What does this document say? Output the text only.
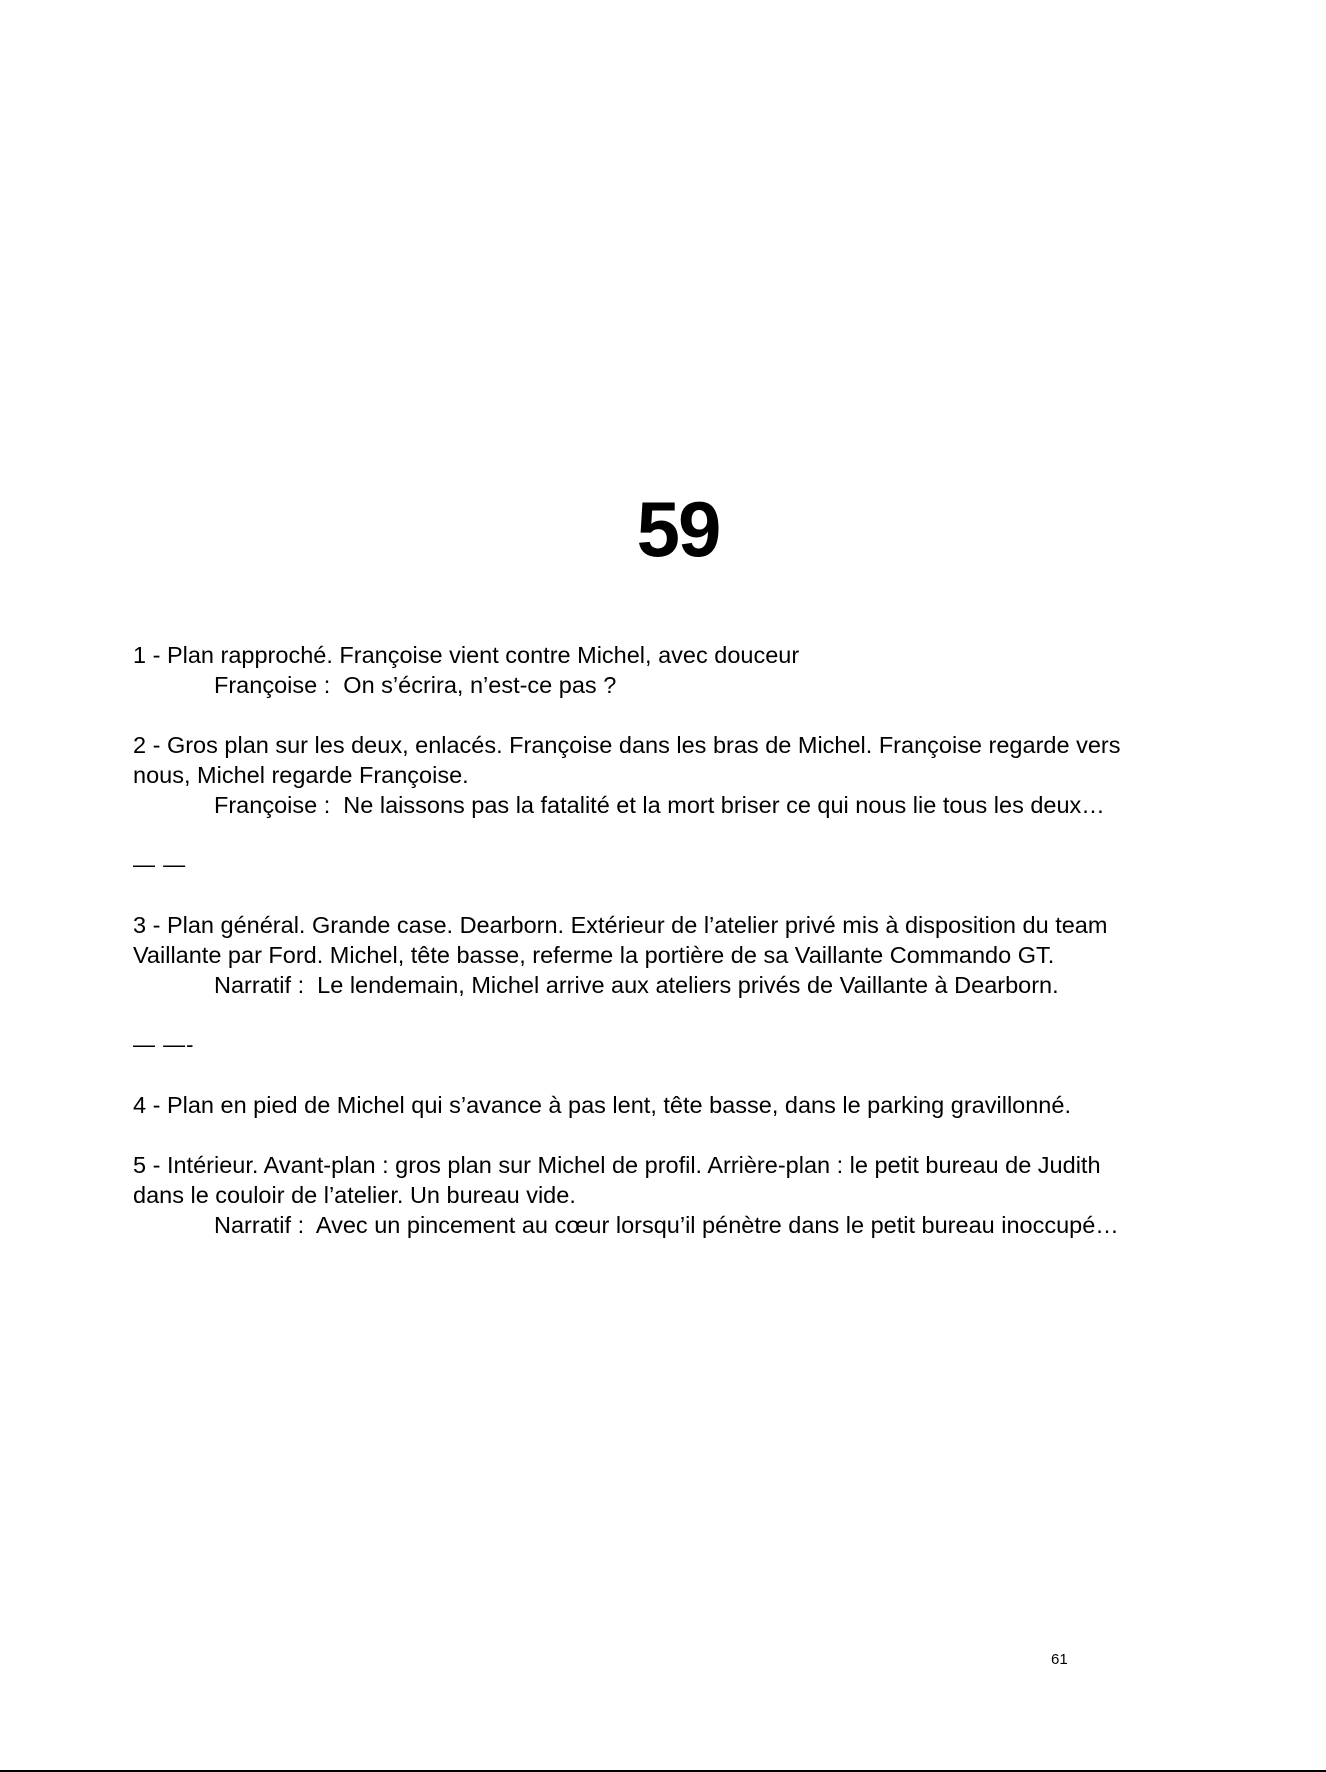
59

1 - Plan rapproché. Françoise vient contre Michel, avec douceur

Françoise :  On s’écrira, n’est-ce pas ?

2 - Gros plan sur les deux, enlacés. Françoise dans les bras de Michel. Françoise regarde vers

nous, Michel regarde Françoise.

Françoise :  Ne laissons pas la fatalité et la mort briser ce qui nous lie tous les deux…

— —

3 - Plan général. Grande case. Dearborn. Extérieur de l’atelier privé mis à disposition du team

Vaillante par Ford. Michel, tête basse, referme la portière de sa Vaillante Commando GT.

Narratif :  Le lendemain, Michel arrive aux ateliers privés de Vaillante à Dearborn.

— —-

4 - Plan en pied de Michel qui s’avance à pas lent, tête basse, dans le parking gravillonné.

5 - Intérieur. Avant-plan : gros plan sur Michel de profil. Arrière-plan : le petit bureau de Judith

dans le couloir de l’atelier. Un bureau vide.

Narratif :  Avec un pincement au cœur lorsqu’il pénètre dans le petit bureau inoccupé…

61
